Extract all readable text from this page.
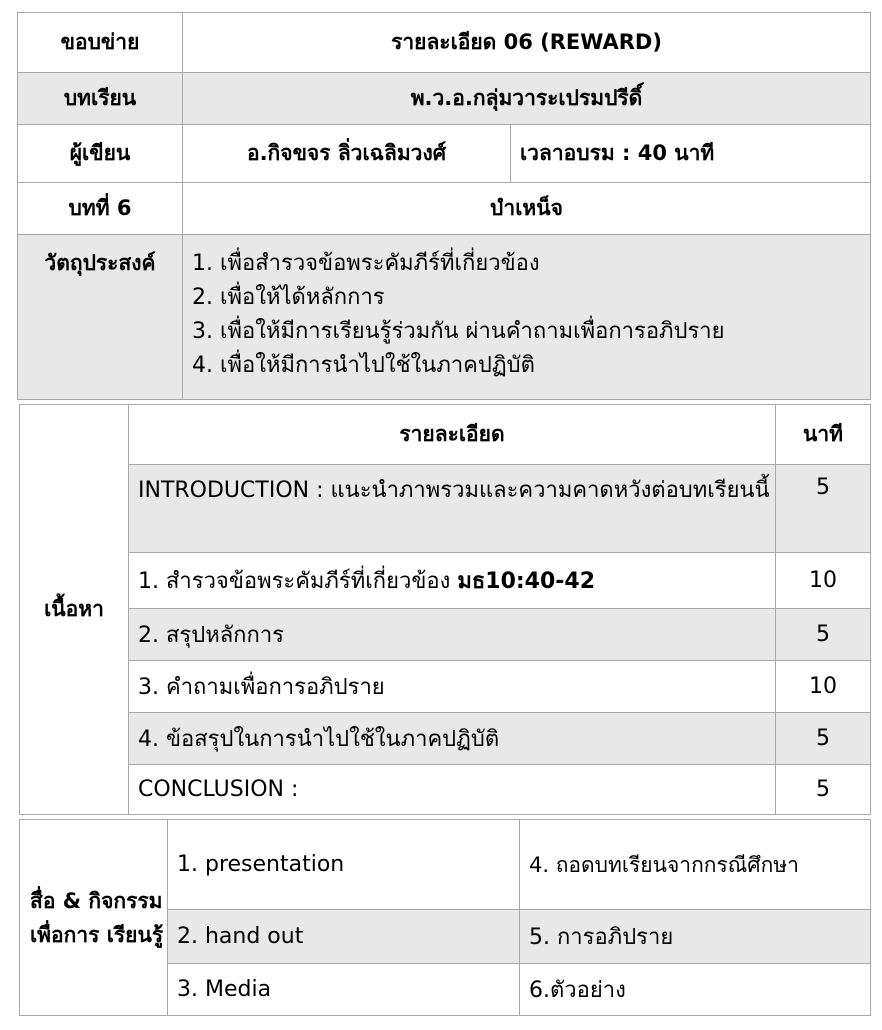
ขอบข่าย	รายละเอียด 06 (REWARD)	
บทเรียน	พ.ว.อ.กลุ่มวาระเปรมปรีดิ์	
ผู้เขียน	อ.กิจขจร ลิ่วเฉลิมวงศ์	เวลาอบรม : 40 นาที
บทที่ 6	บำเหน็จ	
วัตถุประสงค์	1. เพื่อสำรวจข้อพระคัมภีร์ที่เกี่ยวข้อง
2. เพื่อให้ได้หลักการ
3. เพื่อให้มีการเรียนรู้ร่วมกัน ผ่านคำถามเพื่อการอภิปราย
4. เพื่อให้มีการนำไปใช้ในภาคปฏิบัติ	
เนื้อหา	รายละเอียด	นาที
	INTRODUCTION : แนะนำภาพรวมและความคาดหวังต่อบทเรียนนี้	5
	1. สำรวจข้อพระคัมภีร์ที่เกี่ยวข้อง มธ10:40-42	10
	2. สรุปหลักการ	5
	3. คำถามเพื่อการอภิปราย	10
	4. ข้อสรุปในการนำไปใช้ในภาคปฏิบัติ	5
	CONCLUSION :	5
สื่อ & กิจกรรม เพื่อการ เรียนรู้	1. presentation	4. ถอดบทเรียนจากกรณีศึกษา
	2. hand out	5. การอภิปราย
	3. Media	6.ตัวอย่าง
